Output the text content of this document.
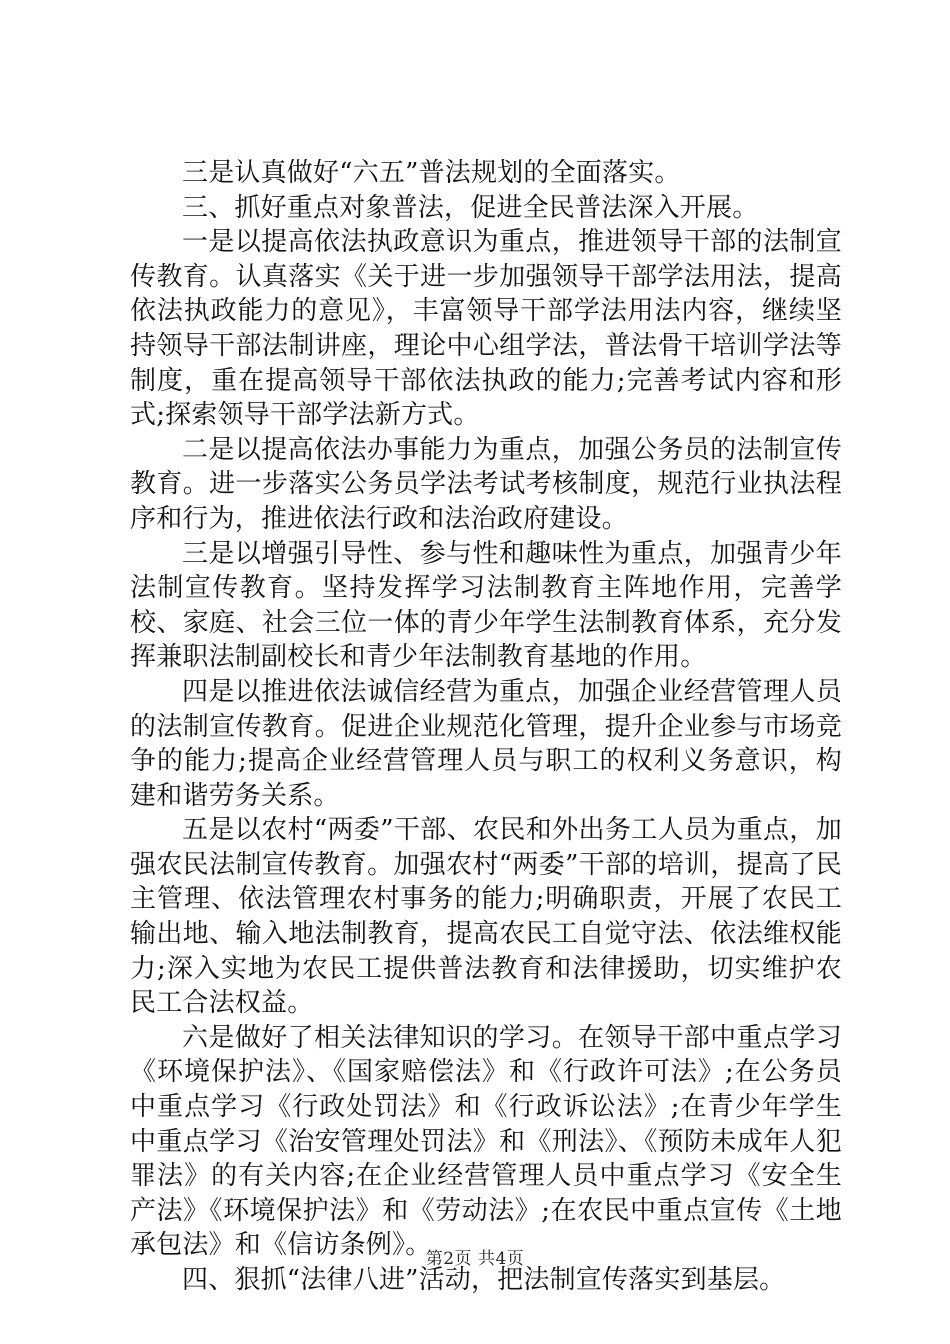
三是认真做好“六五”普法规划的全面落实。

三、抓好重点对象普法，促进全民普法深入开展。

一是以提高依法执政意识为重点，推进领导干部的法制宣传教育。认真落实《关于进一步加强领导干部学法用法，提高依法执政能力的意见》，丰富领导干部学法用法内容，继续坚持领导干部法制讲座，理论中心组学法，普法骨干培训学法等制度，重在提高领导干部依法执政的能力;完善考试内容和形式;探索领导干部学法新方式。

二是以提高依法办事能力为重点，加强公务员的法制宣传教育。进一步落实公务员学法考试考核制度，规范行业执法程序和行为，推进依法行政和法治政府建设。

三是以增强引导性、参与性和趣味性为重点，加强青少年法制宣传教育。坚持发挥学习法制教育主阵地作用，完善学校、家庭、社会三位一体的青少年学生法制教育体系，充分发挥兼职法制副校长和青少年法制教育基地的作用。

四是以推进依法诚信经营为重点，加强企业经营管理人员的法制宣传教育。促进企业规范化管理，提升企业参与市场竞争的能力;提高企业经营管理人员与职工的权利义务意识，构建和谐劳务关系。

五是以农村“两委”干部、农民和外出务工人员为重点，加强农民法制宣传教育。加强农村“两委”干部的培训，提高了民主管理、依法管理农村事务的能力;明确职责，开展了农民工输出地、输入地法制教育，提高农民工自觉守法、依法维权能力;深入实地为农民工提供普法教育和法律援助，切实维护农民工合法权益。

六是做好了相关法律知识的学习。在领导干部中重点学习《环境保护法》、《国家赔偿法》和《行政许可法》;在公务员中重点学习《行政处罚法》和《行政诉讼法》;在青少年学生中重点学习《治安管理处罚法》和《刑法》、《预防未成年人犯罪法》的有关内容;在企业经营管理人员中重点学习《安全生产法》《环境保护法》和《劳动法》;在农民中重点宣传《土地承包法》和《信访条例》。

四、狠抓“法律八进”活动，把法制宣传落实到基层。

第2页 共4页
